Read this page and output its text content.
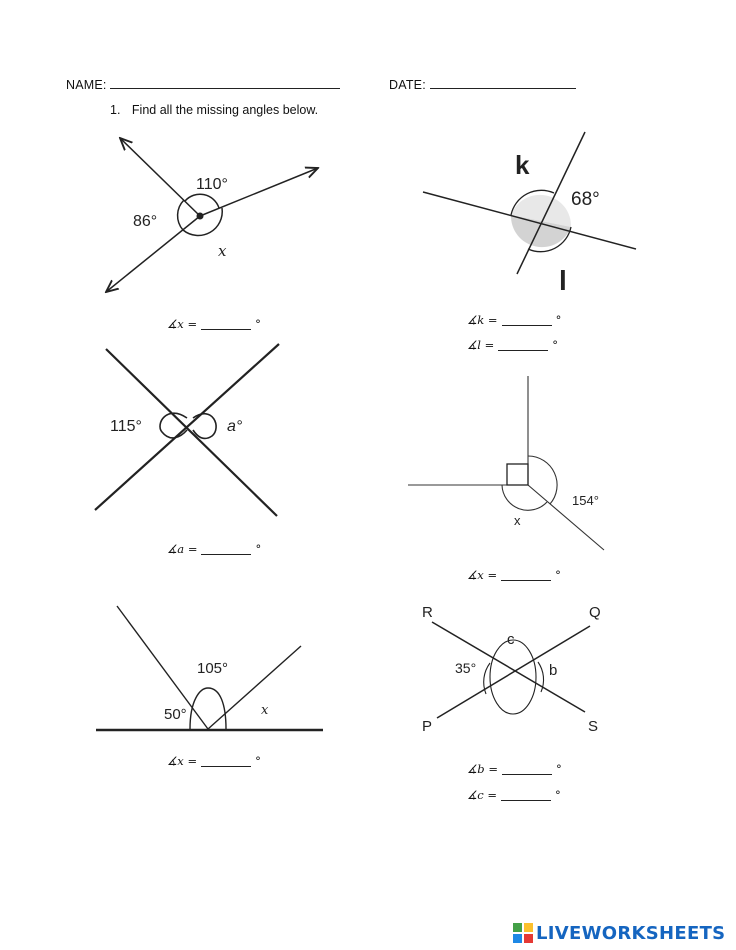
NAME:	DATE:
1. Find all the missing angles below.
110°
86°
x
k
68°
l
115°	a°
154°
x
105°
50°	x
R	Q
P	S
c
35°	b
∡x =	°	∡k =	°
∡l =	°
∡a =	°
∡x =	°
∡x =	°
∡b =	°
∡c =	°
LIVEWORKSHEETS
